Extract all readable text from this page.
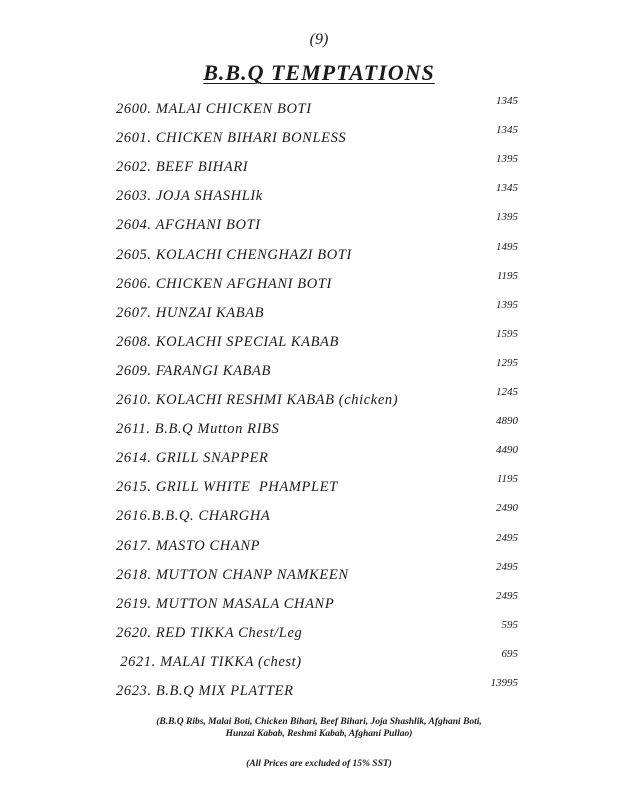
(9)
B.B.Q TEMPTATIONS
2600. MALAI CHICKEN BOTI	1345
2601. CHICKEN BIHARI BONLESS	1345
2602. BEEF BIHARI	1395
2603. JOJA SHASHLIk	1345
2604. AFGHANI BOTI	1395
2605. KOLACHI CHENGHAZI BOTI	1495
2606. CHICKEN AFGHANI BOTI	1195
2607. HUNZAI KABAB	1395
2608. KOLACHI SPECIAL KABAB	1595
2609. FARANGI KABAB	1295
2610. KOLACHI RESHMI KABAB (chicken)	1245
2611. B.B.Q Mutton RIBS	4890
2614. GRILL SNAPPER	4490
2615. GRILL WHITE  PHAMPLET	1195
2616.B.B.Q. CHARGHA	2490
2617. MASTO CHANP	2495
2618. MUTTON CHANP NAMKEEN	2495
2619. MUTTON MASALA CHANP	2495
2620. RED TIKKA Chest/Leg	595
2621. MALAI TIKKA (chest)	695
2623. B.B.Q MIX PLATTER	13995
(B.B.Q Ribs, Malai Boti, Chicken Bihari, Beef Bihari, Joja Shashlik, Afghani Boti,
Hunzai Kabab, Reshmi Kabab, Afghani Pullao)
(All Prices are excluded of 15% SST)
